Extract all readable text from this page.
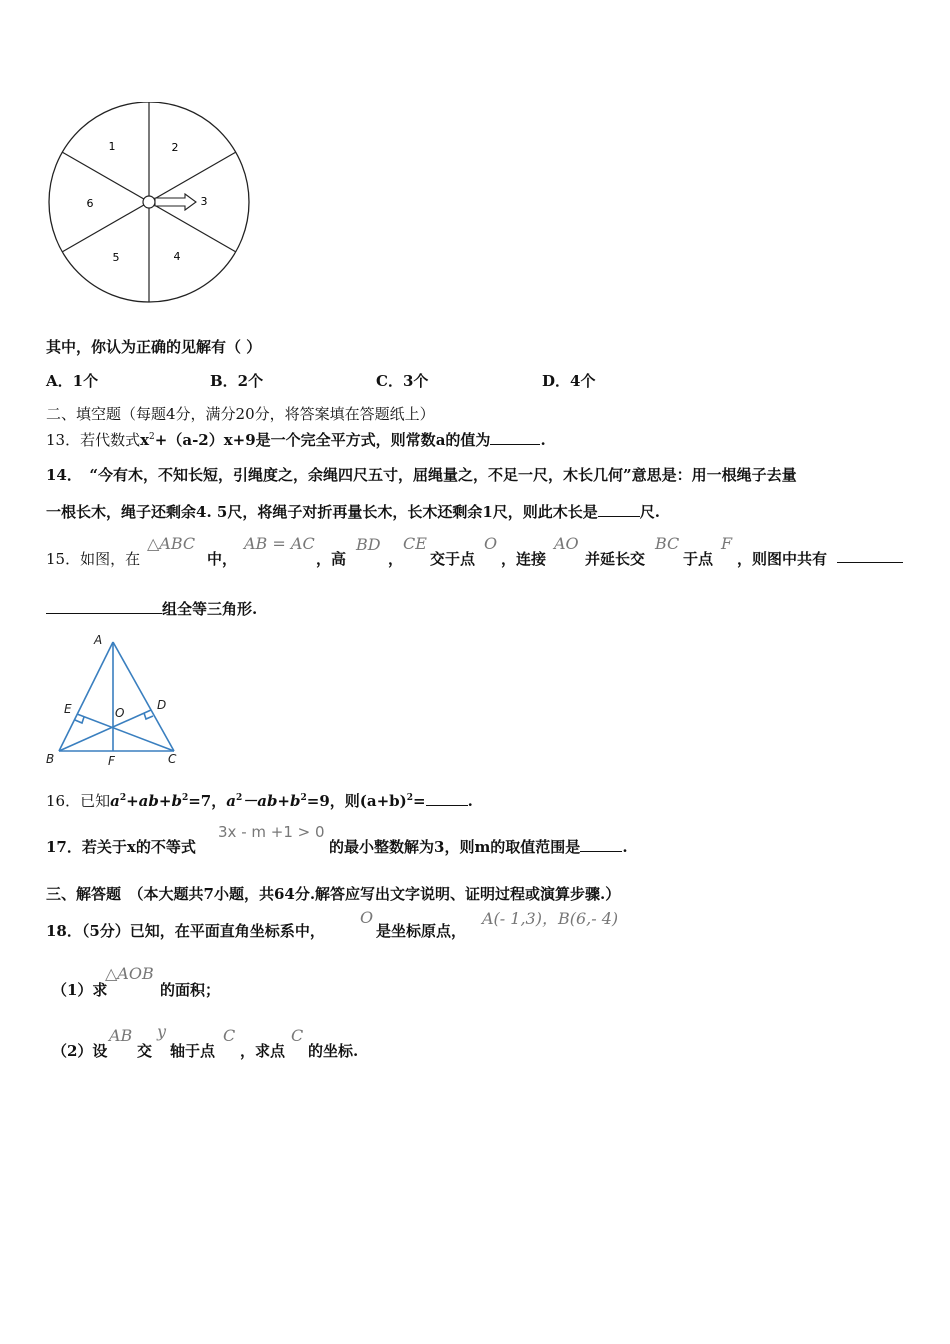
1	2
3
4
5
6
其中，你认为正确的见解有（ ）
A．1个	B．2个	C．3个	D．4个
二、填空题（每题4分，满分20分，将答案填在答题纸上）
13．若代数式$x^2+(a-2)x+9$是一个完全平方式，则常数a的值为	.
14．　“今有木，不知长短，引绳度之，余绳四尺五寸，屈绳量之，不足一尺，木长几何”意思是：用一根绳子去量
一根长木，绳子还剩余4. 5尺，将绳子对折再量长木，长木还剩余1尺，则此木长是	尺.
15．如图，在
△ABC
中，
AB = AC
，高
BD
，
CE
交于点
O
，连接
AO
并延长交
BC
于点
F
，则图中共有
组全等三角形.
A
B	C
D
E
F
O
16．已知$a^2+ab+b^2=7$，$a^2-ab+b^2=9$，则$(a+b)^2=$	.
17．若关于x的不等式
3x - m +1 > 0
的最小整数解为3，则m的取值范围是	.
三、解答题　（本大题共7小题，共64分.解答应写出文字说明、证明过程或演算步骤.）
18．（5分）已知，在平面直角坐标系中，
O
是坐标原点，
A(- 1,3)，B(6,- 4)
（1）求
△AOB
的面积；
（2）设
AB
交
y
轴于点
C
，求点
C
的坐标.
